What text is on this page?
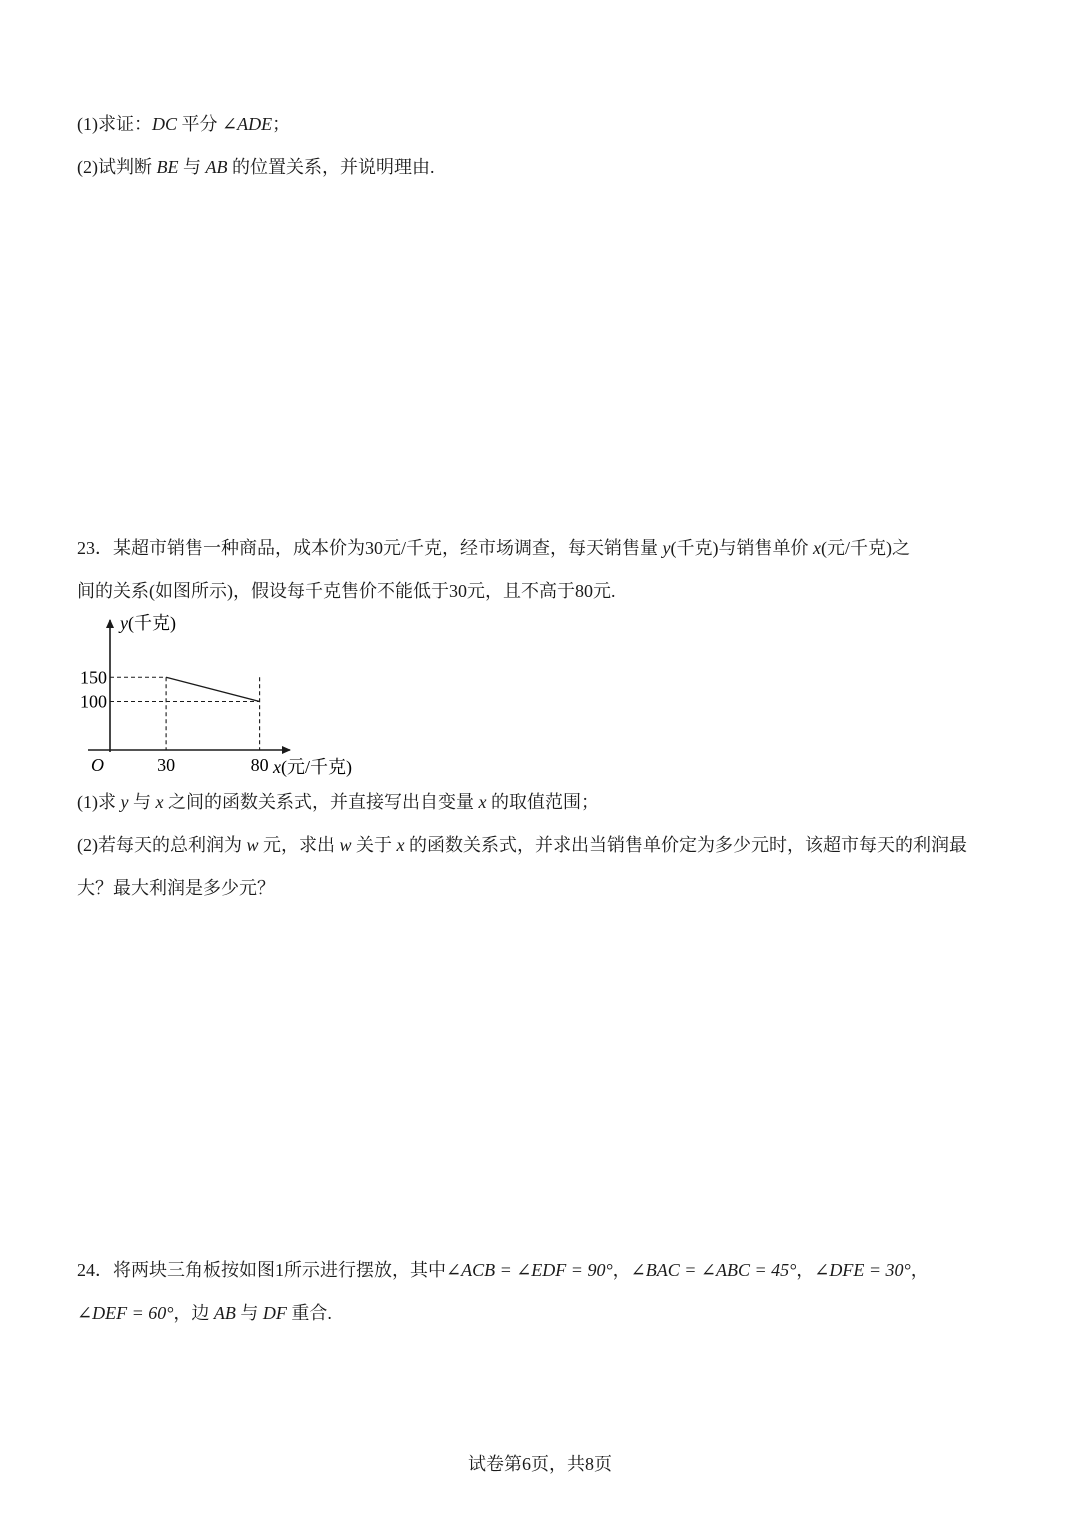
(1)求证：DC 平分 ∠ADE；
(2)试判断 BE 与 AB 的位置关系，并说明理由.
23．某超市销售一种商品，成本价为30元/千克，经市场调查，每天销售量 y(千克)与销售单价 x(元/千克)之
间的关系(如图所示)，假设每千克售价不能低于30元，且不高于80元.
30	80
150
100
y(千克)
x(元/千克)
O
(1)求 y 与 x 之间的函数关系式，并直接写出自变量 x 的取值范围；
(2)若每天的总利润为 w 元，求出 w 关于 x 的函数关系式，并求出当销售单价定为多少元时，该超市每天的利润最
大？最大利润是多少元？
24．将两块三角板按如图1所示进行摆放，其中∠ACB = ∠EDF = 90°，∠BAC = ∠ABC = 45°，∠DFE = 30°，
∠DEF = 60°，边 AB 与 DF 重合.
试卷第6页，共8页
